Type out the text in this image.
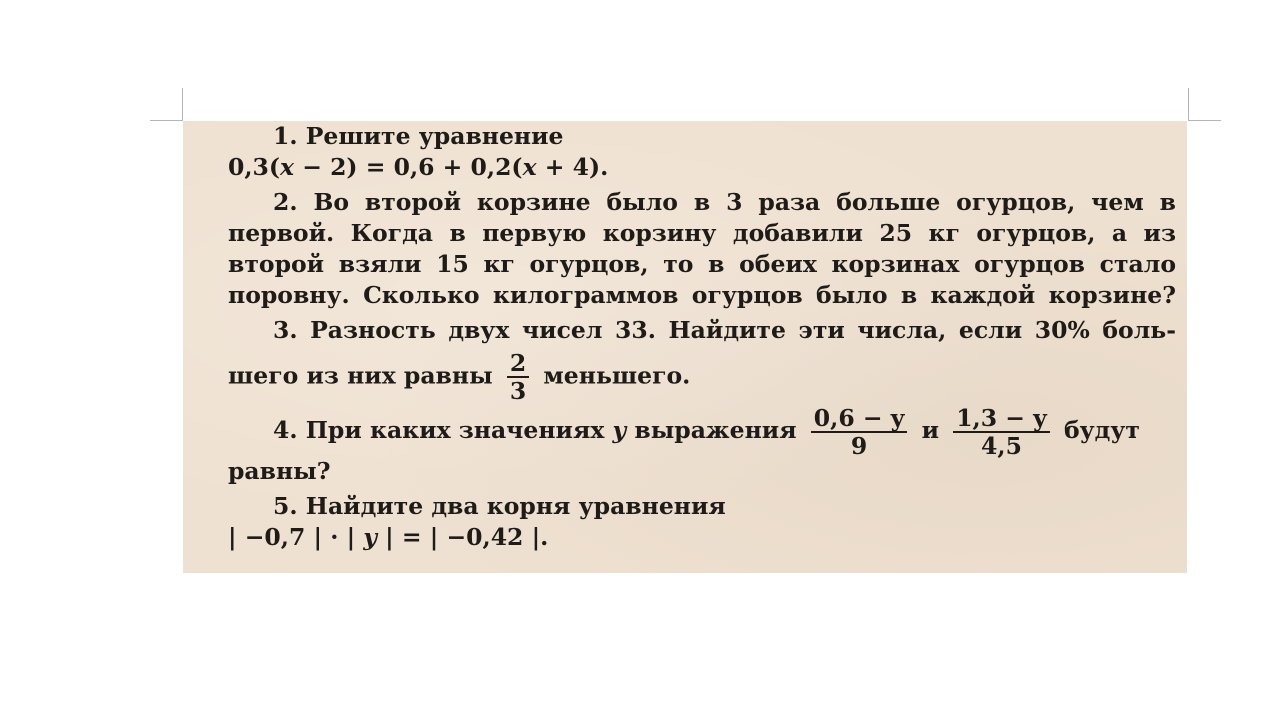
1. Решите уравнение
0,3(x − 2) = 0,6 + 0,2(x + 4).
2. Во второй корзине было в 3 раза больше огурцов, чем в
первой. Когда в первую корзину добавили 25 кг огурцов, а из
второй взяли 15 кг огурцов, то в обеих корзинах огурцов стало
поровну. Сколько килограммов огурцов было в каждой корзине?
3. Разность двух чисел 33. Найдите эти числа, если 30% боль-
шего из них равны $\frac{2}{3}$ меньшего.
4. При каких значениях y выражения $\frac{0,6 - y}{9}$ и $\frac{1,3 - y}{4,5}$ будут
равны?
5. Найдите два корня уравнения
| −0,7 | · | y | = | −0,42 |.
